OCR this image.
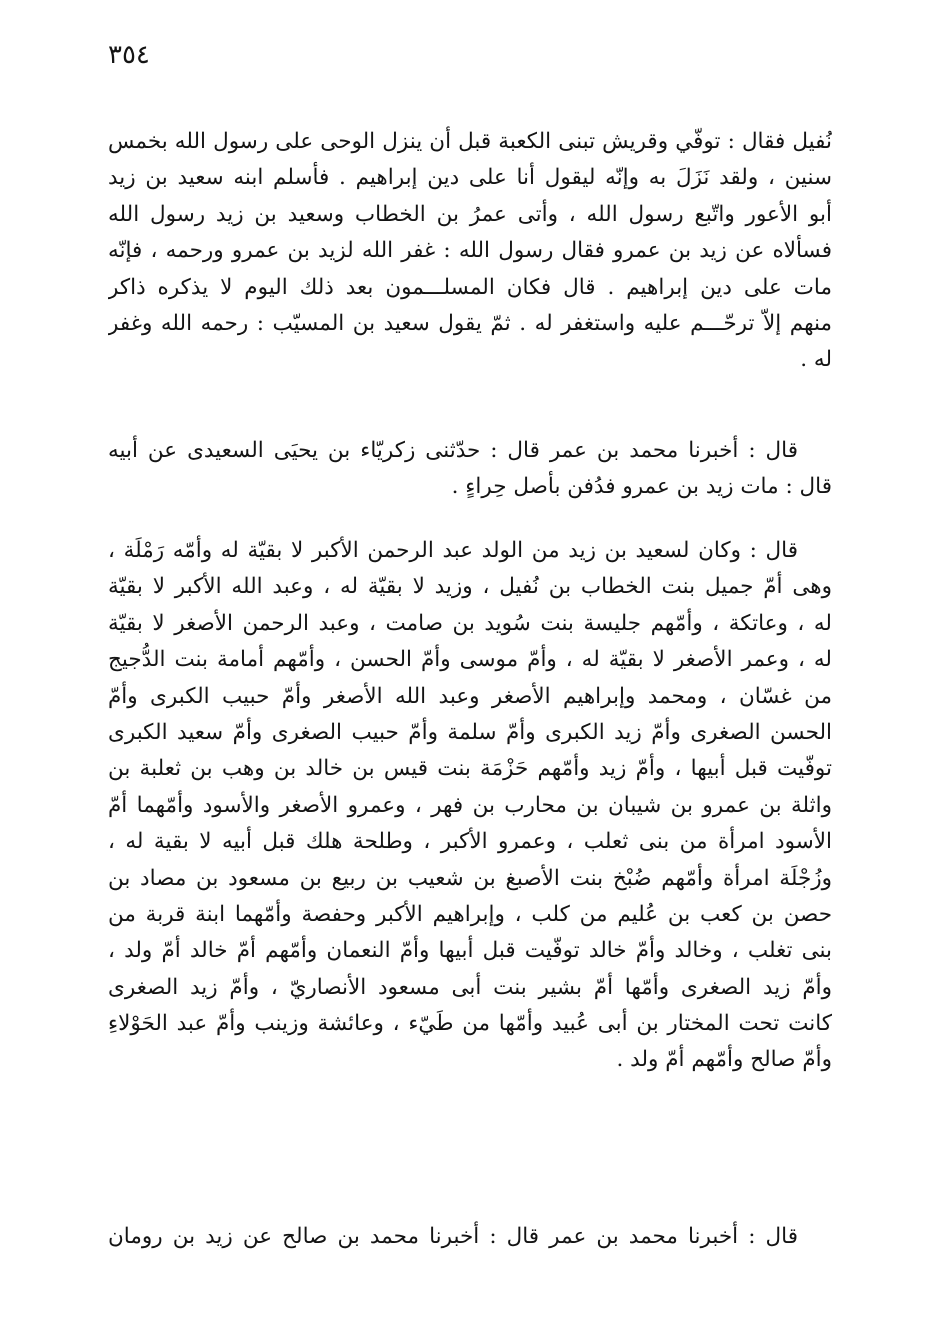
٣٥٤
نُفيل فقال : توفّي وقريش تبنى الكعبة قبل أن ينزل الوحى على رسول الله بخمس
سنين ، ولقد نَزَلَ به وإنّه ليقول أنا على دين إبراهيم . فأسلم ابنه سعيد بن زيد
أبو الأعور واتّبع رسول الله ، وأتى عمرُ بن الخطاب وسعيد بن زيد رسول الله
فسألاه عن زيد بن عمرو فقال رسول الله : غفر الله لزيد بن عمرو ورحمه ، فإنّه
مات على دين إبراهيم . قال فكان المسلـــمون بعد ذلك اليوم لا يذكره ذاكر
منهم إلاّ ترحّـــم عليه واستغفر له . ثمّ يقول سعيد بن المسيّب : رحمه الله وغفر
له .
قال : أخبرنا محمد بن عمر قال : حدّثنى زكريّاء بن يحيَى السعيدى عن أبيه
قال : مات زيد بن عمرو فدُفن بأصل حِراءٍ .
قال : وكان لسعيد بن زيد من الولد عبد الرحمن الأكبر لا بقيّة له وأمّه رَمْلَة ،
وهى أمّ جميل بنت الخطاب بن نُفيل ، وزيد لا بقيّة له ، وعبد الله الأكبر لا بقيّة
له ، وعاتكة ، وأمّهم جليسة بنت سُويد بن صامت ، وعبد الرحمن الأصغر لا بقيّة
له ، وعمر الأصغر لا بقيّة له ، وأمّ موسى وأمّ الحسن ، وأمّهم أمامة بنت الدُّجيج
من غسّان ، ومحمد وإبراهيم الأصغر وعبد الله الأصغر وأمّ حبيب الكبرى وأمّ
الحسن الصغرى وأمّ زيد الكبرى وأمّ سلمة وأمّ حبيب الصغرى وأمّ سعيد الكبرى
توفّيت قبل أبيها ، وأمّ زيد وأمّهم حَزْمَة بنت قيس بن خالد بن وهب بن ثعلبة بن
واثلة بن عمرو بن شيبان بن محارب بن فهر ، وعمرو الأصغر والأسود وأمّهما أمّ
الأسود امرأة من بنى ثعلب ، وعمرو الأكبر ، وطلحة هلك قبل أبيه لا بقية له ،
وزُجْلَة امرأة وأمّهم ضُبْخ بنت الأصبغ بن شعيب بن ربيع بن مسعود بن مصاد بن
حصن بن كعب بن عُليم من كلب ، وإبراهيم الأكبر وحفصة وأمّهما ابنة قربة من
بنى تغلب ، وخالد وأمّ خالد توفّيت قبل أبيها وأمّ النعمان وأمّهم أمّ خالد أمّ ولد ،
وأمّ زيد الصغرى وأمّها أمّ بشير بنت أبى مسعود الأنصاريّ ، وأمّ زيد الصغرى
كانت تحت المختار بن أبى عُبيد وأمّها من طَيّء ، وعائشة وزينب وأمّ عبد الحَوْلاءِ
وأمّ صالح وأمّهم أمّ ولد .
قال : أخبرنا محمد بن عمر قال : أخبرنا محمد بن صالح عن زيد بن رومان
